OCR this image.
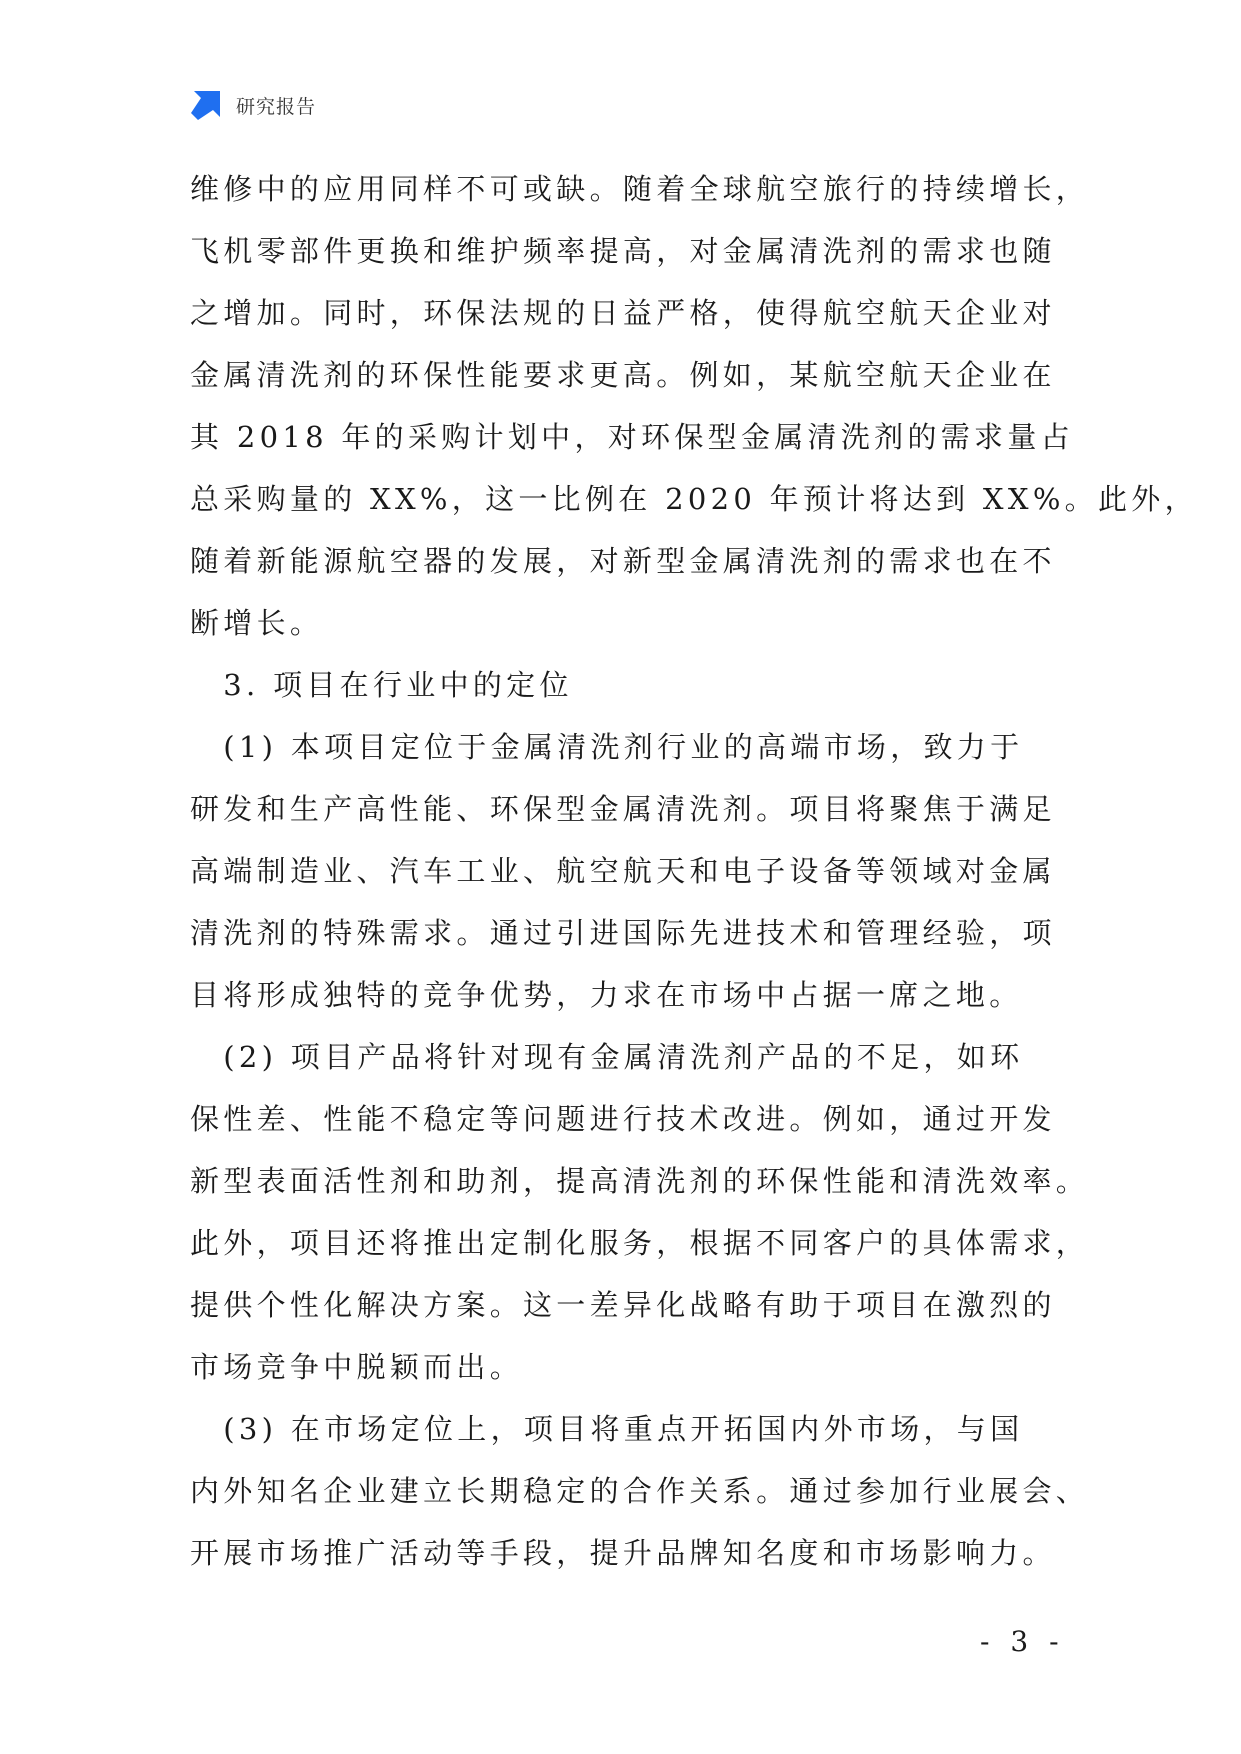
研究报告
维修中的应用同样不可或缺。随着全球航空旅行的持续增长，
飞机零部件更换和维护频率提高，对金属清洗剂的需求也随
之增加。同时，环保法规的日益严格，使得航空航天企业对
金属清洗剂的环保性能要求更高。例如，某航空航天企业在
其 2018 年的采购计划中，对环保型金属清洗剂的需求量占
总采购量的 XX%，这一比例在 2020 年预计将达到 XX%。此外，
随着新能源航空器的发展，对新型金属清洗剂的需求也在不
断增长。
　3. 项目在行业中的定位
　(1) 本项目定位于金属清洗剂行业的高端市场，致力于
研发和生产高性能、环保型金属清洗剂。项目将聚焦于满足
高端制造业、汽车工业、航空航天和电子设备等领域对金属
清洗剂的特殊需求。通过引进国际先进技术和管理经验，项
目将形成独特的竞争优势，力求在市场中占据一席之地。
　(2) 项目产品将针对现有金属清洗剂产品的不足，如环
保性差、性能不稳定等问题进行技术改进。例如，通过开发
新型表面活性剂和助剂，提高清洗剂的环保性能和清洗效率。
此外，项目还将推出定制化服务，根据不同客户的具体需求，
提供个性化解决方案。这一差异化战略有助于项目在激烈的
市场竞争中脱颖而出。
　(3) 在市场定位上，项目将重点开拓国内外市场，与国
内外知名企业建立长期稳定的合作关系。通过参加行业展会、
开展市场推广活动等手段，提升品牌知名度和市场影响力。
- 3 -
